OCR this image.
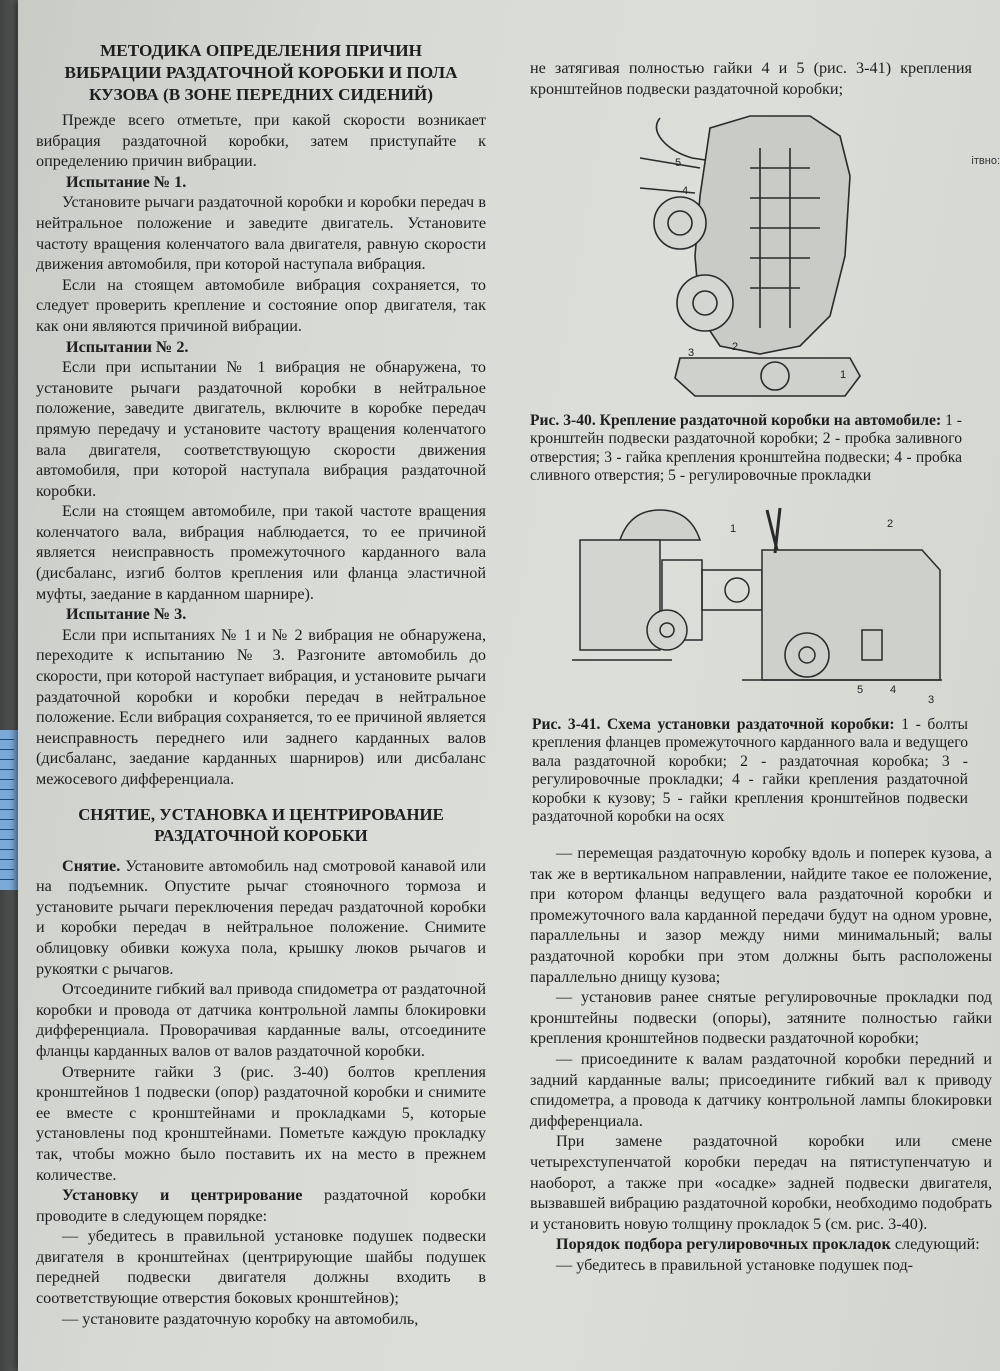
ітвно:
МЕТОДИКА ОПРЕДЕЛЕНИЯ ПРИЧИН
ВИБРАЦИИ РАЗДАТОЧНОЙ КОРОБКИ И ПОЛА
КУЗОВА (В ЗОНЕ ПЕРЕДНИХ СИДЕНИЙ)

Прежде всего отметьте, при какой скорости возникает вибрация раздаточной коробки, затем приступайте к определению причин вибрации.

Испытание № 1.

Установите рычаги раздаточной коробки и коробки передач в нейтральное положение и заведите двигатель. Установите частоту вращения коленчатого вала двигателя, равную скорости движения автомобиля, при которой наступала вибрация.

Если на стоящем автомобиле вибрация сохраняется, то следует проверить крепление и состояние опор двигателя, так как они являются причиной вибрации.

Испытании № 2.

Если при испытании № 1 вибрация не обнаружена, то установите рычаги раздаточной коробки в нейтральное положение, заведите двигатель, включите в коробке передач прямую передачу и установите частоту вращения коленчатого вала двигателя, соответствующую скорости движения автомобиля, при которой наступала вибрация раздаточной коробки.

Если на стоящем автомобиле, при такой частоте вращения коленчатого вала, вибрация наблюдается, то ее причиной является неисправность промежуточного карданного вала (дисбаланс, изгиб болтов крепления или фланца эластичной муфты, заедание в карданном шарнире).

Испытание № 3.

Если при испытаниях № 1 и № 2 вибрация не обнаружена, переходите к испытанию № 3. Разгоните автомобиль до скорости, при которой наступает вибрация, и установите рычаги раздаточной коробки и коробки передач в нейтральное положение. Если вибрация сохраняется, то ее причиной является неисправность переднего или заднего карданных валов (дисбаланс, заедание карданных шарниров) или дисбаланс межосевого дифференциала.

СНЯТИЕ, УСТАНОВКА И ЦЕНТРИРОВАНИЕ
РАЗДАТОЧНОЙ КОРОБКИ

Снятие. Установите автомобиль над смотровой канавой или на подъемник. Опустите рычаг стояночного тормоза и установите рычаги переключения передач раздаточной коробки и коробки передач в нейтральное положение. Снимите облицовку обивки кожуха пола, крышку люков рычагов и рукоятки с рычагов.

Отсоедините гибкий вал привода спидометра от раздаточной коробки и провода от датчика контрольной лампы блокировки дифференциала. Проворачивая карданные валы, отсоедините фланцы карданных валов от валов раздаточной коробки.

Отверните гайки 3 (рис. 3-40) болтов крепления кронштейнов 1 подвески (опор) раздаточной коробки и снимите ее вместе с кронштейнами и прокладками 5, которые установлены под кронштейнами. Пометьте каждую прокладку так, чтобы можно было поставить их на место в прежнем количестве.

Установку и центрирование раздаточной коробки проводите в следующем порядке:

— убедитесь в правильной установке подушек подвески двигателя в кронштейнах (центрирующие шайбы подушек передней подвески двигателя должны входить в соответствующие отверстия боковых кронштейнов);

— установите раздаточную коробку на автомобиль,

не затягивая полностью гайки 4 и 5 (рис. 3-41) крепления кронштейнов подвески раздаточной коробки;

5
4
2
3
1
Рис. 3-40. Крепление раздаточной коробки на автомобиле: 1 - кронштейн подвески раздаточной коробки; 2 - пробка заливного отверстия; 3 - гайка крепления кронштейна подвески; 4 - пробка сливного отверстия; 5 - регулировочные прокладки
1	2
3
4
5
Рис. 3-41. Схема установки раздаточной коробки: 1 - болты крепления фланцев промежуточного карданного вала и ведущего вала раздаточной коробки; 2 - раздаточная коробка; 3 - регулировочные прокладки; 4 - гайки крепления раздаточной коробки к кузову; 5 - гайки крепления кронштейнов подвески раздаточной коробки на осях

— перемещая раздаточную коробку вдоль и поперек кузова, а так же в вертикальном направлении, найдите такое ее положение, при котором фланцы ведущего вала раздаточной коробки и промежуточного вала карданной передачи будут на одном уровне, параллельны и зазор между ними минимальный; валы раздаточной коробки при этом должны быть расположены параллельно днищу кузова;

— установив ранее снятые регулировочные прокладки под кронштейны подвески (опоры), затяните полностью гайки крепления кронштейнов подвески раздаточной коробки;

— присоедините к валам раздаточной коробки передний и задний карданные валы; присоедините гибкий вал к приводу спидометра, а провода к датчику контрольной лампы блокировки дифференциала.

При замене раздаточной коробки или смене четырехступенчатой коробки передач на пятиступенчатую и наоборот, а также при «осадке» задней подвески двигателя, вызвавшей вибрацию раздаточной коробки, необходимо подобрать и установить новую толщину прокладок 5 (см. рис. 3-40).

Порядок подбора регулировочных прокладок следующий:

— убедитесь в правильной установке подушек под-
